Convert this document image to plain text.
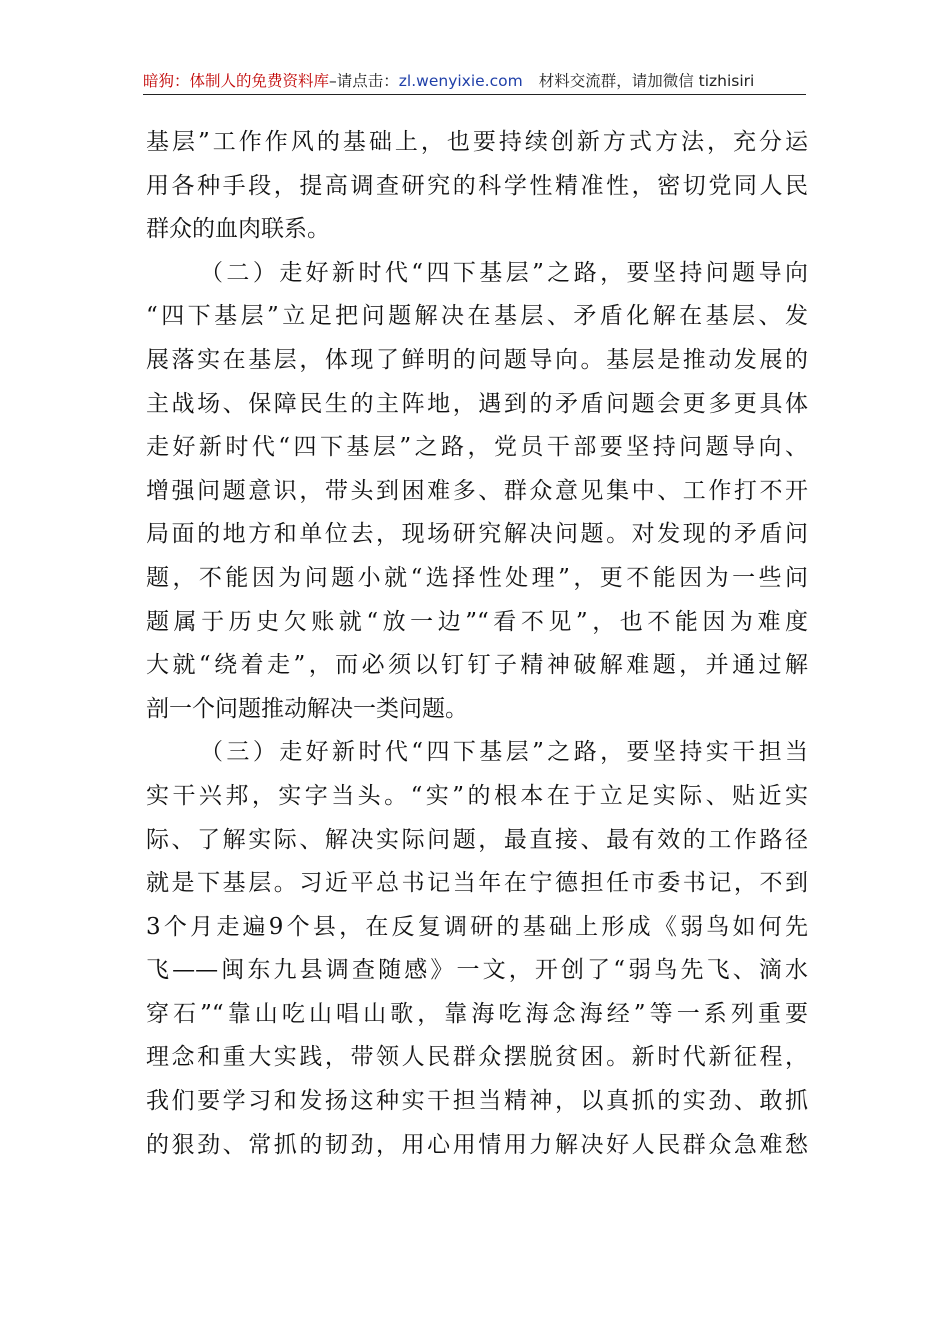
暗狗：体制人的免费资料库–请点击：zl.wenyixie.com 材料交流群，请加微信 tizhisiri
基层”工作作风的基础上，也要持续创新方式方法，充分运
用各种手段，提高调查研究的科学性精准性，密切党同人民
群众的血肉联系。
（二）走好新时代“四下基层”之路，要坚持问题导向
“四下基层”立足把问题解决在基层、矛盾化解在基层、发
展落实在基层，体现了鲜明的问题导向。基层是推动发展的
主战场、保障民生的主阵地，遇到的矛盾问题会更多更具体
走好新时代“四下基层”之路，党员干部要坚持问题导向、
增强问题意识，带头到困难多、群众意见集中、工作打不开
局面的地方和单位去，现场研究解决问题。对发现的矛盾问
题，不能因为问题小就“选择性处理”，更不能因为一些问
题属于历史欠账就“放一边”“看不见”，也不能因为难度
大就“绕着走”，而必须以钉钉子精神破解难题，并通过解
剖一个问题推动解决一类问题。
（三）走好新时代“四下基层”之路，要坚持实干担当
实干兴邦，实字当头。“实”的根本在于立足实际、贴近实
际、了解实际、解决实际问题，最直接、最有效的工作路径
就是下基层。习近平总书记当年在宁德担任市委书记，不到
3个月走遍9个县，在反复调研的基础上形成《弱鸟如何先
飞——闽东九县调查随感》一文，开创了“弱鸟先飞、滴水
穿石”“靠山吃山唱山歌，靠海吃海念海经”等一系列重要
理念和重大实践，带领人民群众摆脱贫困。新时代新征程，
我们要学习和发扬这种实干担当精神，以真抓的实劲、敢抓
的狠劲、常抓的韧劲，用心用情用力解决好人民群众急难愁
